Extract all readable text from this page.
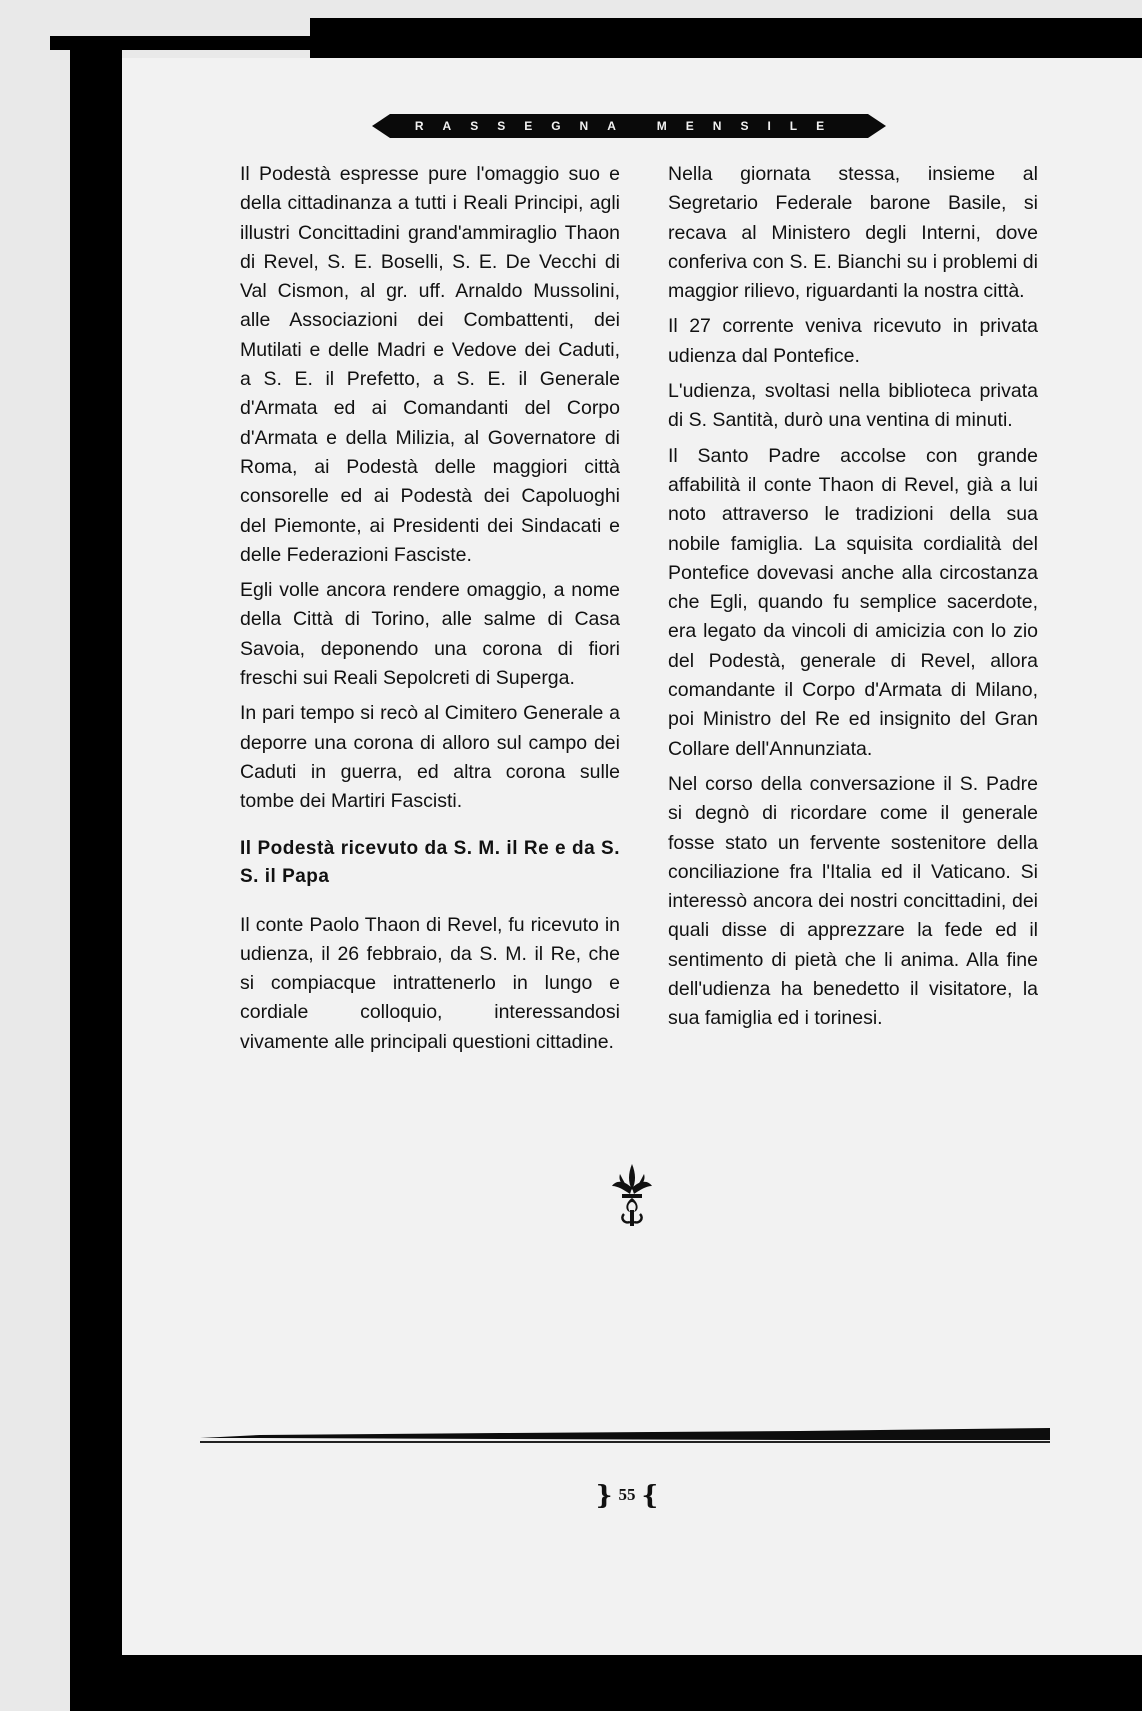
RASSEGNA MENSILE

Il Podestà espresse pure l'omaggio suo e della cittadinanza a tutti i Reali Principi, agli illustri Concittadini grand'ammiraglio Thaon di Revel, S. E. Boselli, S. E. De Vecchi di Val Cismon, al gr. uff. Arnaldo Mussolini, alle Associazioni dei Combattenti, dei Mutilati e delle Madri e Vedove dei Caduti, a S. E. il Prefetto, a S. E. il Generale d'Armata ed ai Comandanti del Corpo d'Armata e della Milizia, al Governatore di Roma, ai Podestà delle maggiori città consorelle ed ai Podestà dei Capoluoghi del Piemonte, ai Presidenti dei Sindacati e delle Federazioni Fasciste.

Egli volle ancora rendere omaggio, a nome della Città di Torino, alle salme di Casa Savoia, deponendo una corona di fiori freschi sui Reali Sepolcreti di Superga.

In pari tempo si recò al Cimitero Generale a deporre una corona di alloro sul campo dei Caduti in guerra, ed altra corona sulle tombe dei Martiri Fascisti.

Il Podestà ricevuto da S. M. il Re e da S. S. il Papa

Il conte Paolo Thaon di Revel, fu ricevuto in udienza, il 26 febbraio, da S. M. il Re, che si compiacque intrattenerlo in lungo e cordiale colloquio, interessandosi vivamente alle principali questioni cittadine.

Nella giornata stessa, insieme al Segretario Federale barone Basile, si recava al Ministero degli Interni, dove conferiva con S. E. Bianchi su i problemi di maggior rilievo, riguardanti la nostra città.

Il 27 corrente veniva ricevuto in privata udienza dal Pontefice.

L'udienza, svoltasi nella biblioteca privata di S. Santità, durò una ventina di minuti.

Il Santo Padre accolse con grande affabilità il conte Thaon di Revel, già a lui noto attraverso le tradizioni della sua nobile famiglia. La squisita cordialità del Pontefice dovevasi anche alla circostanza che Egli, quando fu semplice sacerdote, era legato da vincoli di amicizia con lo zio del Podestà, generale di Revel, allora comandante il Corpo d'Armata di Milano, poi Ministro del Re ed insignito del Gran Collare dell'Annunziata.

Nel corso della conversazione il S. Padre si degnò di ricordare come il generale fosse stato un fervente sostenitore della conciliazione fra l'Italia ed il Vaticano. Si interessò ancora dei nostri concittadini, dei quali disse di apprezzare la fede ed il sentimento di pietà che li anima. Alla fine dell'udienza ha benedetto il visitatore, la sua famiglia ed i torinesi.

} 55 {
